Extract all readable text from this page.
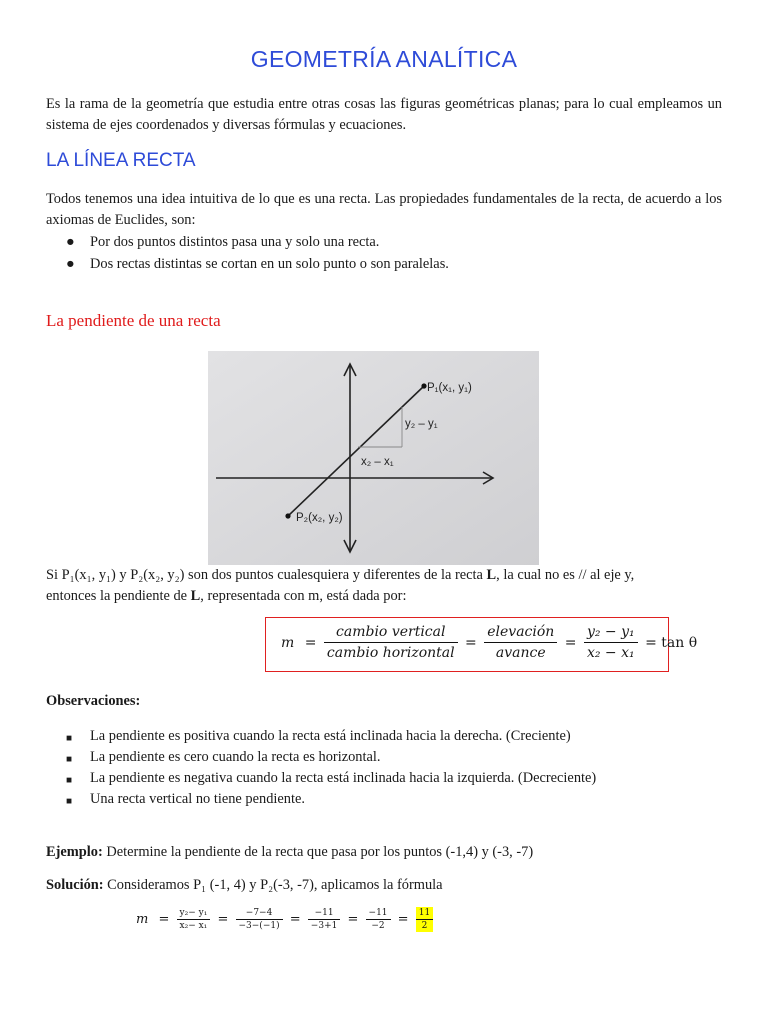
GEOMETRÍA ANALÍTICA
Es la rama de la geometría que estudia entre otras cosas las figuras geométricas planas; para lo cual empleamos un sistema de ejes coordenados y diversas fórmulas y ecuaciones.
LA LÍNEA RECTA
Todos tenemos una idea intuitiva de lo que es una recta. Las propiedades fundamentales de la recta, de acuerdo a los axiomas de Euclides, son:
● Por dos puntos distintos pasa una y solo una recta.
● Dos rectas distintas se cortan en un solo punto o son paralelas.
La pendiente de una recta
P₁(x₁, y₁)
P₂(x₂, y₂)
y₂ – y₁
x₂ – x₁
Si P₁(x₁, y₁) y P₂(x₂, y₂) son dos puntos cualesquiera y diferentes de la recta L, la cual no es // al eje y,
entonces la pendiente de L, representada con m, está dada por:
$m = \frac{\text{cambio vertical}}{\text{cambio horizontal}} = \frac{\text{elevación}}{\text{avance}} = \frac{\text{y₂ − y₁}}{\text{x₂ − x₁}} = \tan \theta$
Observaciones:
■ La pendiente es positiva cuando la recta está inclinada hacia la derecha. (Creciente)
■ La pendiente es cero cuando la recta es horizontal.
■ La pendiente es negativa cuando la recta está inclinada hacia la izquierda. (Decreciente)
■ Una recta vertical no tiene pendiente.
Ejemplo: Determine la pendiente de la recta que pasa por los puntos (-1,4) y (-3, -7)
Solución: Consideramos P₁ (-1, 4) y P₂(-3, -7), aplicamos la fórmula
$m = \frac{\text{y₂− y₁}}{\text{x₂− x₁}} = \frac{-7-4}{-3-(-1)} = \frac{-11}{-3+1} = \frac{-11}{-2} = \frac{11}{2}$
